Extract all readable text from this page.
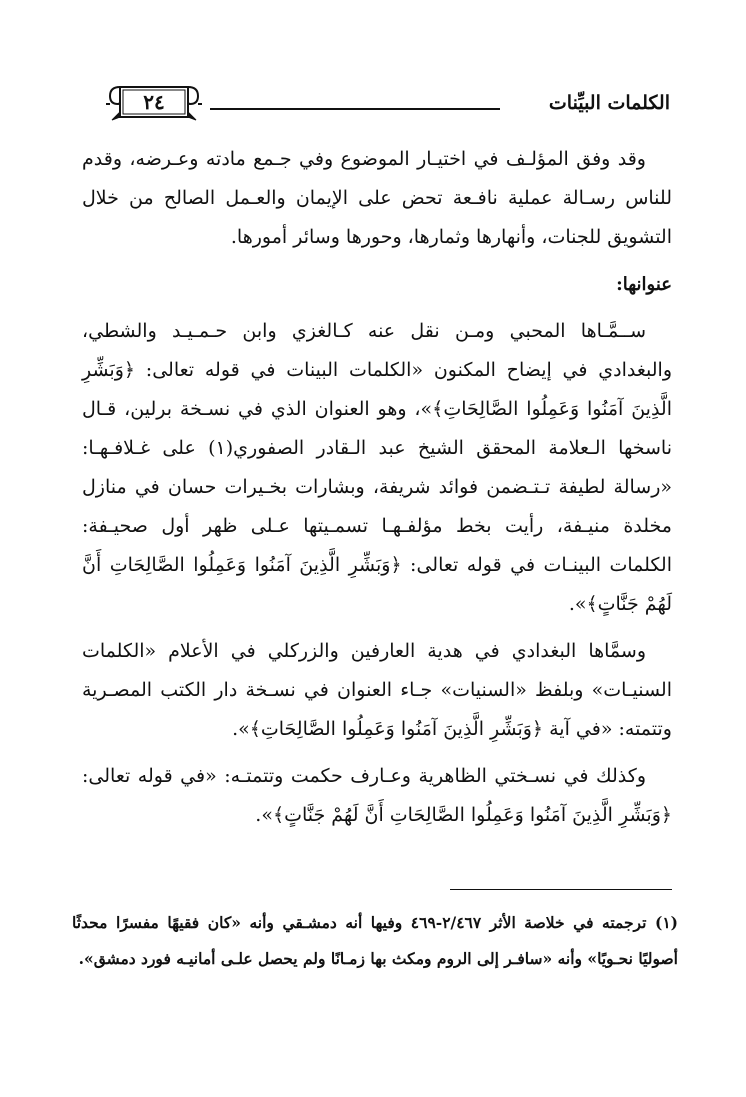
الكلمات البيِّنات
٢٤

وقد وفق المؤلـف في اختيـار الموضوع وفي جـمع مادته وعـرضه، وقدم للناس رسـالة عملية نافـعة تحض على الإيمان والعـمل الصالح من خلال التشويق للجنات، وأنهارها وثمارها، وحورها وسائر أمورها.

عنوانها:

ســمَّـاها المحبي ومـن نقل عنه كـالغزي وابن حـمـيـد والشطي، والبغدادي في إيضاح المكنون «الكلمات البينات في قوله تعالى: ﴿وَبَشِّرِ الَّذِينَ آمَنُوا وَعَمِلُوا الصَّالِحَاتِ﴾»، وهو العنوان الذي في نسـخة برلين، قـال ناسخها الـعلامة المحقق الشيخ عبد الـقادر الصفوري(١) على غـلافـهـا: «رسالة لطيفة تـتـضمن فوائد شريفة، وبشارات بخـيرات حسان في منازل مخلدة منيـفة، رأيت بخط مؤلفـهـا تسمـيتها عـلى ظهر أول صحيـفة: الكلمات البينـات في قوله تعالى: ﴿وَبَشِّرِ الَّذِينَ آمَنُوا وَعَمِلُوا الصَّالِحَاتِ أَنَّ لَهُمْ جَنَّاتٍ﴾».

وسمَّاها البغدادي في هدية العارفين والزركلي في الأعلام «الكلمات السنيـات» وبلفظ «السنيات» جـاء العنوان في نسـخة دار الكتب المصـرية وتتمته: «في آية ﴿وَبَشِّرِ الَّذِينَ آمَنُوا وَعَمِلُوا الصَّالِحَاتِ﴾».

وكذلك في نسـختي الظاهرية وعـارف حكمت وتتمتـه: «في قوله تعالى: ﴿وَبَشِّرِ الَّذِينَ آمَنُوا وَعَمِلُوا الصَّالِحَاتِ أَنَّ لَهُمْ جَنَّاتٍ﴾».

(١) ترجمته في خلاصة الأثر ٢/٤٦٧-٤٦٩ وفيها أنه دمشـقي وأنه «كان فقيهًا مفسرًا محدثًا أصوليًا نحـويًا» وأنه «سافـر إلى الروم ومكث بها زمـانًا ولم يحصل علـى أمانيـه فورد دمشق».
